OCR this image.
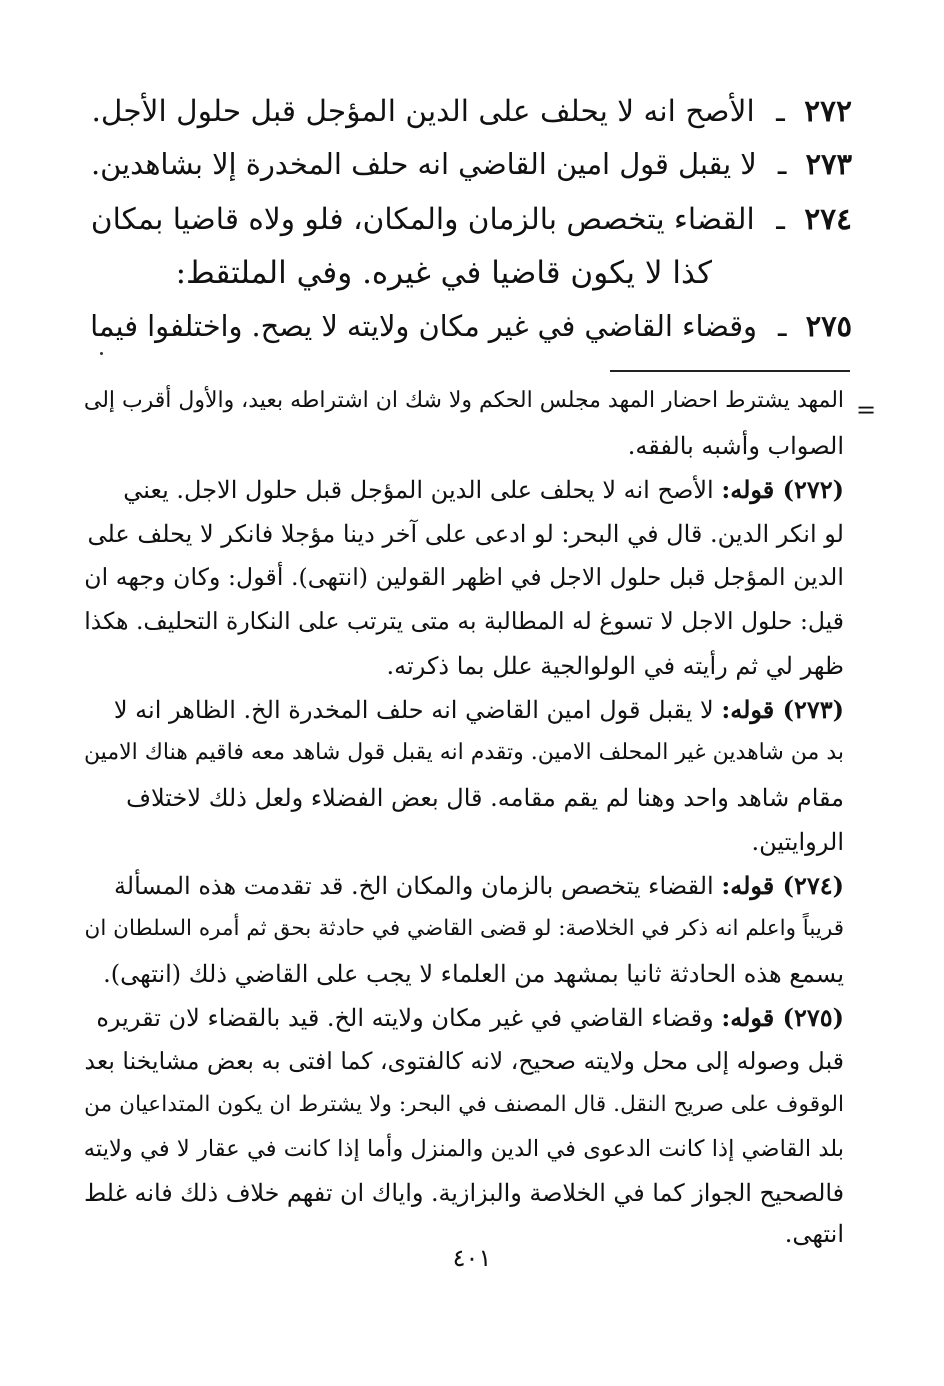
٢٧٢ ـ الأصح انه لا يحلف على الدين المؤجل قبل حلول الأجل.
٢٧٣ ـ لا يقبل قول امين القاضي انه حلف المخدرة إلا بشاهدين.
٢٧٤ ـ القضاء يتخصص بالزمان والمكان، فلو ولاه قاضيا بمكان
كذا لا يكون قاضيا في غيره. وفي الملتقط:
٢٧٥ ـ وقضاء القاضي في غير مكان ولايته لا يصح. واختلفوا فيما
=
المهد يشترط احضار المهد مجلس الحكم ولا شك ان اشتراطه بعيد، والأول أقرب إلى
الصواب وأشبه بالفقه.
(٢٧٢) قوله: الأصح انه لا يحلف على الدين المؤجل قبل حلول الاجل. يعني
لو انكر الدين. قال في البحر: لو ادعى على آخر دينا مؤجلا فانكر لا يحلف على
الدين المؤجل قبل حلول الاجل في اظهر القولين (انتهى). أقول: وكان وجهه ان
قيل: حلول الاجل لا تسوغ له المطالبة به متى يترتب على النكارة التحليف. هكذا
ظهر لي ثم رأيته في الولوالجية علل بما ذكرته.
(٢٧٣) قوله: لا يقبل قول امين القاضي انه حلف المخدرة الخ. الظاهر انه لا
بد من شاهدين غير المحلف الامين. وتقدم انه يقبل قول شاهد معه فاقيم هناك الامين
مقام شاهد واحد وهنا لم يقم مقامه. قال بعض الفضلاء ولعل ذلك لاختلاف
الروايتين.
(٢٧٤) قوله: القضاء يتخصص بالزمان والمكان الخ. قد تقدمت هذه المسألة
قريباً واعلم انه ذكر في الخلاصة: لو قضى القاضي في حادثة بحق ثم أمره السلطان ان
يسمع هذه الحادثة ثانيا بمشهد من العلماء لا يجب على القاضي ذلك (انتهى).
(٢٧٥) قوله: وقضاء القاضي في غير مكان ولايته الخ. قيد بالقضاء لان تقريره
قبل وصوله إلى محل ولايته صحيح، لانه كالفتوى، كما افتى به بعض مشايخنا بعد
الوقوف على صريح النقل. قال المصنف في البحر: ولا يشترط ان يكون المتداعيان من
بلد القاضي إذا كانت الدعوى في الدين والمنزل وأما إذا كانت في عقار لا في ولايته
فالصحيح الجواز كما في الخلاصة والبزازية. واياك ان تفهم خلاف ذلك فانه غلط
انتهى.
٤٠١
